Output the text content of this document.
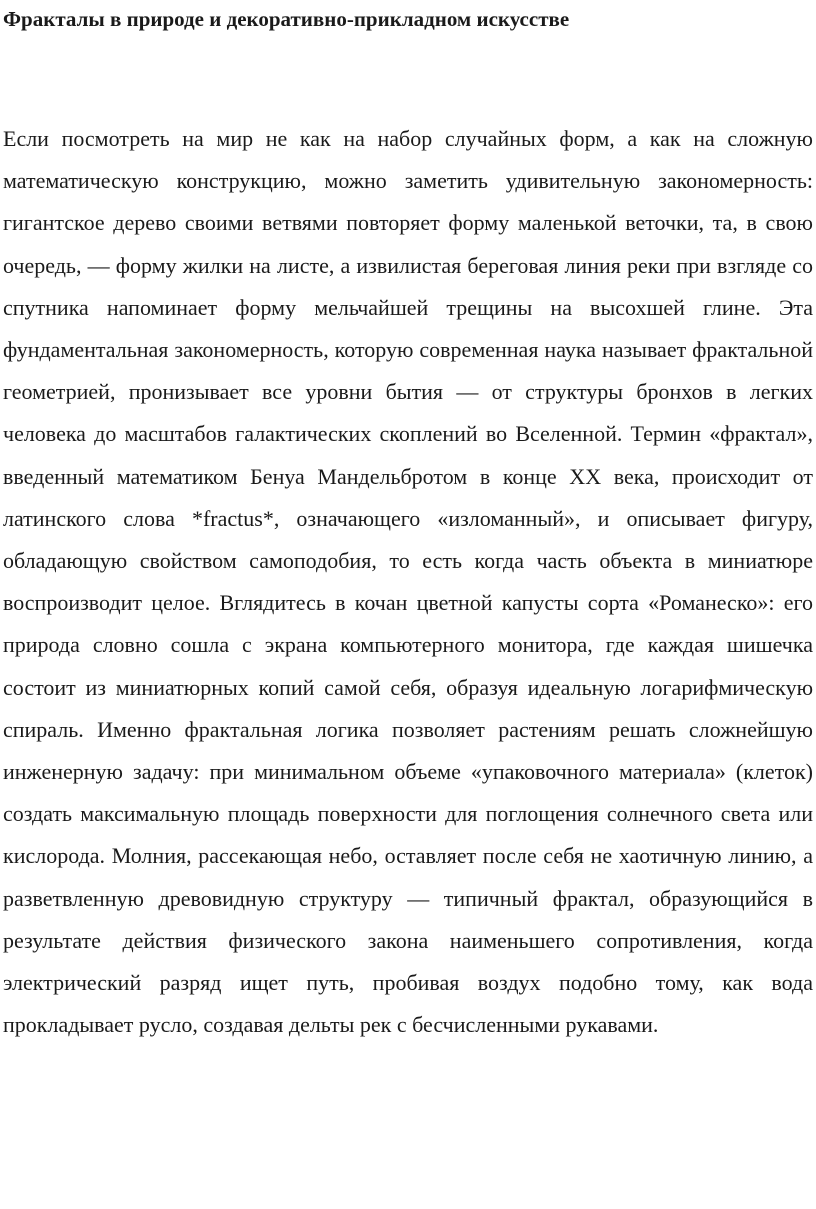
Фракталы в природе и декоративно-прикладном искусстве

Если посмотреть на мир не как на набор случайных форм, а как на сложную математическую конструкцию, можно заметить удивительную закономерность: гигантское дерево своими ветвями повторяет форму маленькой веточки, та, в свою очередь, — форму жилки на листе, а извилистая береговая линия реки при взгляде со спутника напоминает форму мельчайшей трещины на высохшей глине. Эта фундаментальная закономерность, которую современная наука называет фрактальной геометрией, пронизывает все уровни бытия — от структуры бронхов в легких человека до масштабов галактических скоплений во Вселенной. Термин «фрактал», введенный математиком Бенуа Мандельбротом в конце XX века, происходит от латинского слова *fractus*, означающего «изломанный», и описывает фигуру, обладающую свойством самоподобия, то есть когда часть объекта в миниатюре воспроизводит целое. Вглядитесь в кочан цветной капусты сорта «Романеско»: его природа словно сошла с экрана компьютерного монитора, где каждая шишечка состоит из миниатюрных копий самой себя, образуя идеальную логарифмическую спираль. Именно фрактальная логика позволяет растениям решать сложнейшую инженерную задачу: при минимальном объеме «упаковочного материала» (клеток) создать максимальную площадь поверхности для поглощения солнечного света или кислорода. Молния, рассекающая небо, оставляет после себя не хаотичную линию, а разветвленную древовидную структуру — типичный фрактал, образующийся в результате действия физического закона наименьшего сопротивления, когда электрический разряд ищет путь, пробивая воздух подобно тому, как вода прокладывает русло, создавая дельты рек с бесчисленными рукавами.
